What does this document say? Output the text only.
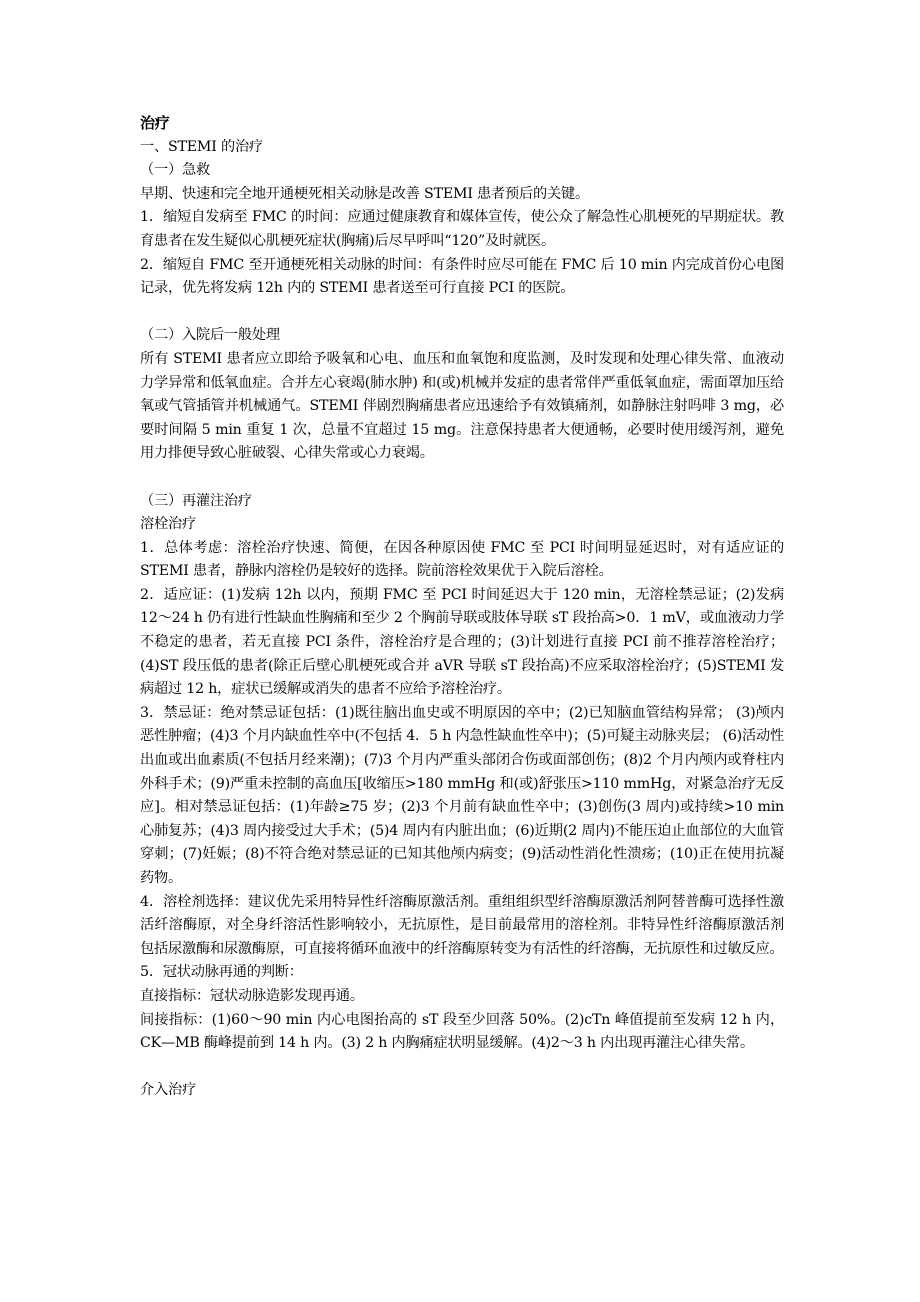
治疗

一、STEMI 的治疗

（一）急救

早期、快速和完全地开通梗死相关动脉是改善 STEMI 患者预后的关键。

1．缩短自发病至 FMC 的时间：应通过健康教育和媒体宣传，使公众了解急性心肌梗死的早期症状。教育患者在发生疑似心肌梗死症状(胸痛)后尽早呼叫“120”及时就医。

2．缩短自 FMC 至开通梗死相关动脉的时间：有条件时应尽可能在 FMC 后 10 min 内完成首份心电图记录，优先将发病 12h 内的 STEMI 患者送至可行直接 PCI 的医院。

（二）入院后一般处理

所有 STEMI 患者应立即给予吸氧和心电、血压和血氧饱和度监测，及时发现和处理心律失常、血液动力学异常和低氧血症。合并左心衰竭(肺水肿) 和(或)机械并发症的患者常伴严重低氧血症，需面罩加压给氧或气管插管并机械通气。STEMI 伴剧烈胸痛患者应迅速给予有效镇痛剂，如静脉注射吗啡 3 mg，必要时间隔 5 min 重复 1 次，总量不宜超过 15 mg。注意保持患者大便通畅，必要时使用缓泻剂，避免用力排便导致心脏破裂、心律失常或心力衰竭。

（三）再灌注治疗

溶栓治疗

1．总体考虑：溶栓治疗快速、简便，在因各种原因使 FMC 至 PCI 时间明显延迟时，对有适应证的 STEMI 患者，静脉内溶栓仍是较好的选择。院前溶栓效果优于入院后溶栓。

2．适应证：(1)发病 12h 以内，预期 FMC 至 PCI 时间延迟大于 120 min，无溶栓禁忌证；(2)发病 12～24 h 仍有进行性缺血性胸痛和至少 2 个胸前导联或肢体导联 sT 段抬高>0．1 mV，或血液动力学不稳定的患者，若无直接 PCI 条件，溶栓治疗是合理的；(3)计划进行直接 PCI 前不推荐溶栓治疗；(4)ST 段压低的患者(除正后壁心肌梗死或合并 aVR 导联 sT 段抬高)不应采取溶栓治疗；(5)STEMI 发病超过 12 h，症状已缓解或消失的患者不应给予溶栓治疗。

3．禁忌证：绝对禁忌证包括：(1)既往脑出血史或不明原因的卒中；(2)已知脑血管结构异常； (3)颅内恶性肿瘤；(4)3 个月内缺血性卒中(不包括 4．5 h 内急性缺血性卒中)；(5)可疑主动脉夹层； (6)活动性出血或出血素质(不包括月经来潮)；(7)3 个月内严重头部闭合伤或面部创伤；(8)2 个月内颅内或脊柱内外科手术；(9)严重未控制的高血压[收缩压>180 mmHg 和(或)舒张压>110 mmHg，对紧急治疗无反应]。相对禁忌证包括：(1)年龄≥75 岁；(2)3 个月前有缺血性卒中；(3)创伤(3 周内)或持续>10 min 心肺复苏；(4)3 周内接受过大手术；(5)4 周内有内脏出血；(6)近期(2 周内)不能压迫止血部位的大血管穿刺；(7)妊娠；(8)不符合绝对禁忌证的已知其他颅内病变；(9)活动性消化性溃疡；(10)正在使用抗凝药物。

4．溶栓剂选择：建议优先采用特异性纤溶酶原激活剂。重组组织型纤溶酶原激活剂阿替普酶可选择性激活纤溶酶原，对全身纤溶活性影响较小，无抗原性，是目前最常用的溶栓剂。非特异性纤溶酶原激活剂 包括尿激酶和尿激酶原，可直接将循环血液中的纤溶酶原转变为有活性的纤溶酶，无抗原性和过敏反应。

5．冠状动脉再通的判断：

直接指标：冠状动脉造影发现再通。

间接指标：(1)60～90 min 内心电图抬高的 sT 段至少回落 50%。(2)cTn 峰值提前至发病 12 h 内，CK—MB 酶峰提前到 14 h 内。(3) 2 h 内胸痛症状明显缓解。(4)2～3 h 内出现再灌注心律失常。

介入治疗
